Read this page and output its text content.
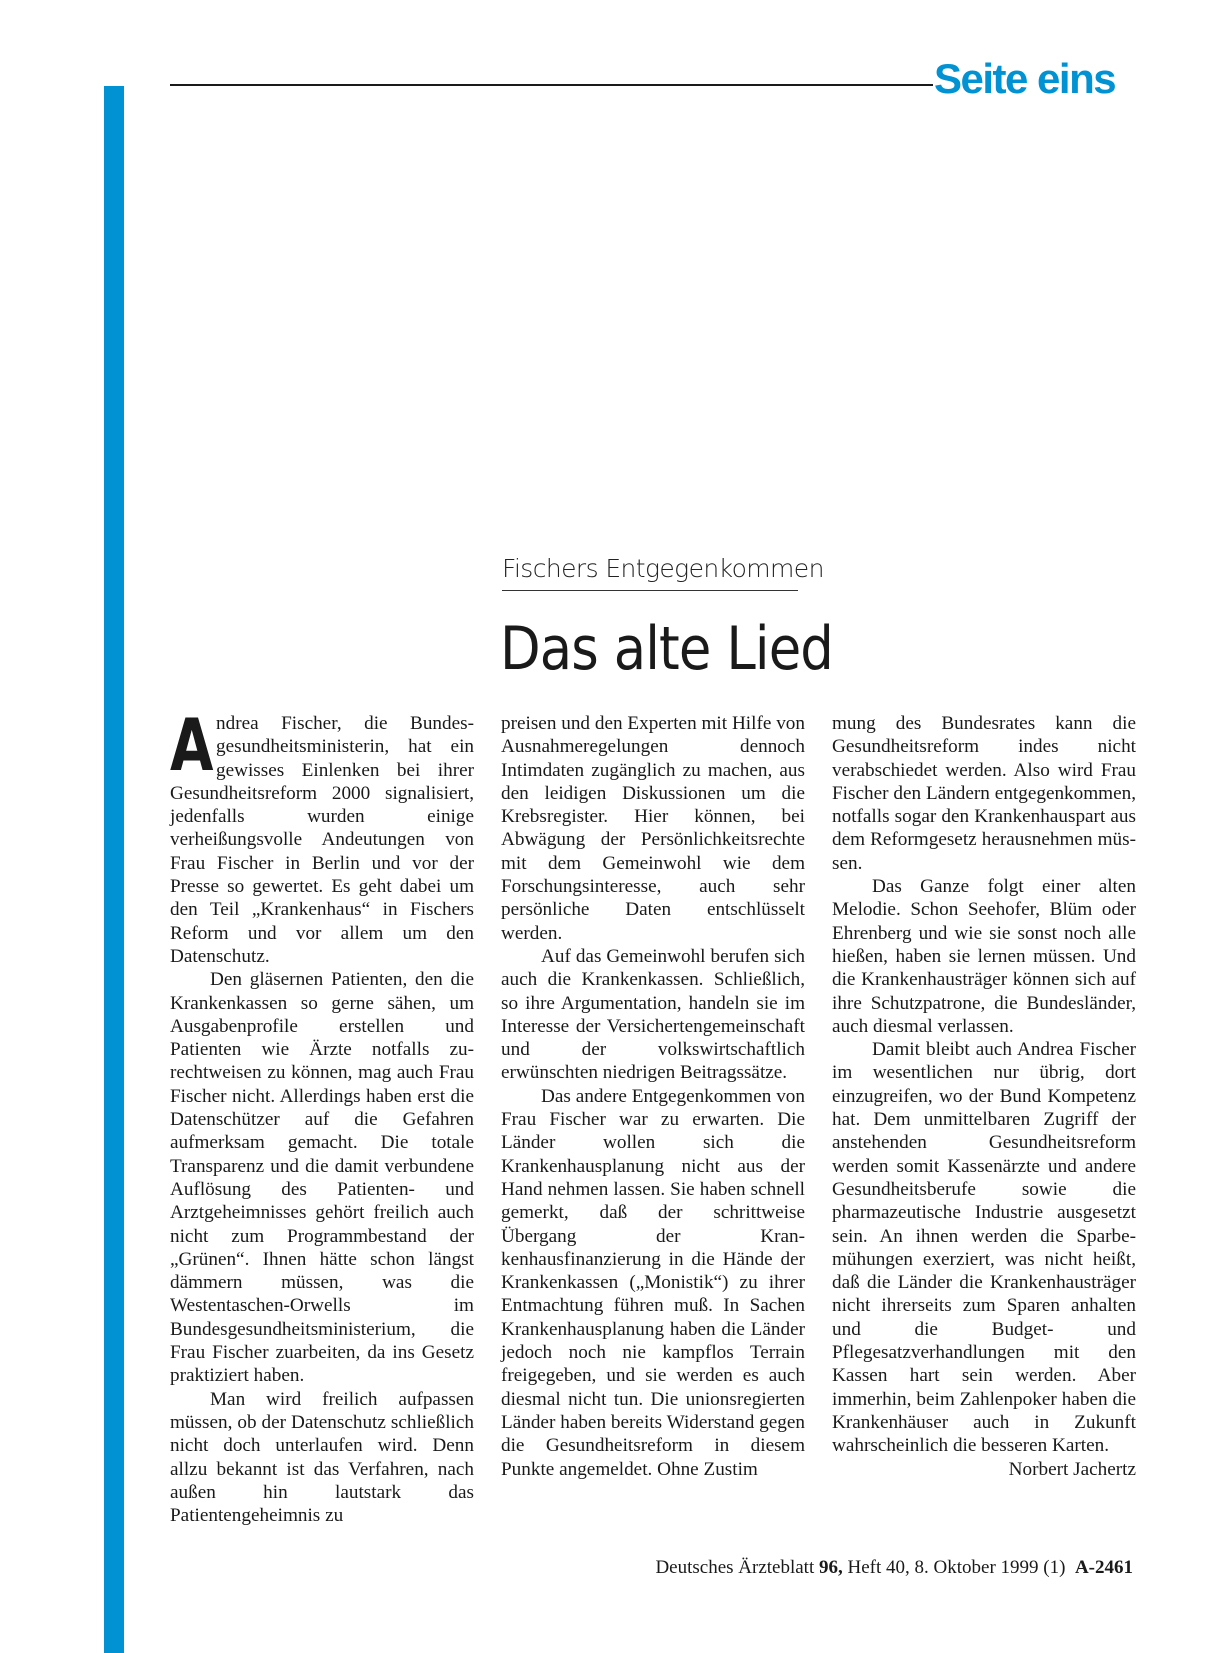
Seite eins
Fischers Entgegenkommen
Das alte Lied

Andrea Fischer, die Bundesgesundheitsministerin, hat ein gewisses Einlenken bei ihrer Gesundheitsreform 2000 signalisiert, jedenfalls wurden einige verheißungsvolle Andeutungen von Frau Fischer in Berlin und vor der Presse so gewertet. Es geht dabei um den Teil „Krankenhaus“ in Fischers Reform und vor allem um den Datenschutz.

Den gläsernen Patienten, den die Krankenkassen so gerne sähen, um Ausgabenprofile erstellen und Patienten wie Ärzte notfalls zurechtweisen zu können, mag auch Frau Fischer nicht. Allerdings haben erst die Datenschützer auf die Gefahren aufmerksam gemacht. Die totale Transparenz und die damit verbundene Auflösung des Patienten- und Arztgeheimnisses gehört freilich auch nicht zum Programmbestand der „Grünen“. Ihnen hätte schon längst dämmern müssen, was die Westentaschen-Orwells im Bundesgesundheitsministerium, die Frau Fischer zuarbeiten, da ins Gesetz praktiziert haben.

Man wird freilich aufpassen müssen, ob der Datenschutz schließlich nicht doch unterlaufen wird. Denn allzu bekannt ist das Verfahren, nach außen hin lautstark das Patientengeheimnis zu

preisen und den Experten mit Hilfe von Ausnahmeregelungen dennoch Intimdaten zugänglich zu machen, aus den leidigen Diskussionen um die Krebsregister. Hier können, bei Abwägung der Persönlichkeitsrechte mit dem Gemeinwohl wie dem Forschungsinteresse, auch sehr persönliche Daten entschlüsselt werden.

Auf das Gemeinwohl berufen sich auch die Krankenkassen. Schließlich, so ihre Argumentation, handeln sie im Interesse der Versichertengemeinschaft und der volkswirtschaftlich erwünschten niedrigen Beitragssätze.

Das andere Entgegenkommen von Frau Fischer war zu erwarten. Die Länder wollen sich die Krankenhausplanung nicht aus der Hand nehmen lassen. Sie haben schnell gemerkt, daß der schrittweise Übergang der Krankenhausfinanzierung in die Hände der Krankenkassen („Monistik“) zu ihrer Entmachtung führen muß. In Sachen Krankenhausplanung haben die Länder jedoch noch nie kampflos Terrain freigegeben, und sie werden es auch diesmal nicht tun. Die unionsregierten Länder haben bereits Widerstand gegen die Gesundheitsreform in diesem Punkte angemeldet. Ohne Zustim

mung des Bundesrates kann die Gesundheitsreform indes nicht verabschiedet werden. Also wird Frau Fischer den Ländern entgegenkommen, notfalls sogar den Krankenhauspart aus dem Reformgesetz herausnehmen müssen.

Das Ganze folgt einer alten Melodie. Schon Seehofer, Blüm oder Ehrenberg und wie sie sonst noch alle hießen, haben sie lernen müssen. Und die Krankenhausträger können sich auf ihre Schutzpatrone, die Bundesländer, auch diesmal verlassen.

Damit bleibt auch Andrea Fischer im wesentlichen nur übrig, dort einzugreifen, wo der Bund Kompetenz hat. Dem unmittelbaren Zugriff der anstehenden Gesundheitsreform werden somit Kassenärzte und andere Gesundheitsberufe sowie die pharmazeutische Industrie ausgesetzt sein. An ihnen werden die Sparbemühungen exerziert, was nicht heißt, daß die Länder die Krankenhausträger nicht ihrerseits zum Sparen anhalten und die Budget- und Pflegesatzverhandlungen mit den Kassen hart sein werden. Aber immerhin, beim Zahlenpoker haben die Krankenhäuser auch in Zukunft wahrscheinlich die besseren Karten.
Norbert Jachertz

Deutsches Ärzteblatt 96, Heft 40, 8. Oktober 1999 (1) A-2461
